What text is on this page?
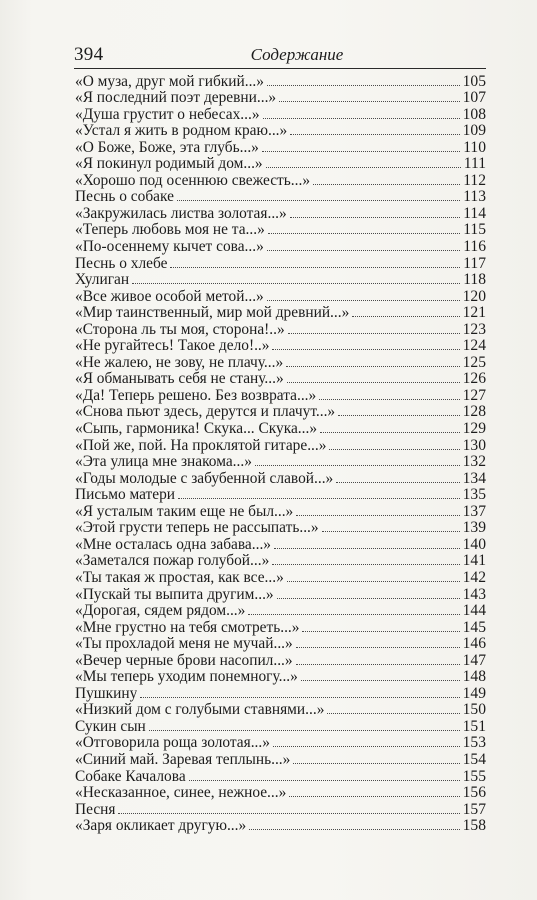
394	Содержание
«О муза, друг мой гибкий...»	105
«Я последний поэт деревни...»	107
«Душа грустит о небесах...»	108
«Устал я жить в родном краю...»	109
«О Боже, Боже, эта глубь...»	110
«Я покинул родимый дом...»	111
«Хорошо под осеннюю свежесть...»	112
Песнь о собаке	113
«Закружилась листва золотая...»	114
«Теперь любовь моя не та...»	115
«По-осеннему кычет сова...»	116
Песнь о хлебе	117
Хулиган	118
«Все живое особой метой...»	120
«Мир таинственный, мир мой древний...»	121
«Сторона ль ты моя, сторона!..»	123
«Не ругайтесь! Такое дело!..»	124
«Не жалею, не зову, не плачу...»	125
«Я обманывать себя не стану...»	126
«Да! Теперь решено. Без возврата...»	127
«Снова пьют здесь, дерутся и плачут...»	128
«Сыпь, гармоника! Скука... Скука...»	129
«Пой же, пой. На проклятой гитаре...»	130
«Эта улица мне знакома...»	132
«Годы молодые с забубенной славой...»	134
Письмо матери	135
«Я усталым таким еще не был...»	137
«Этой грусти теперь не рассыпать...»	139
«Мне осталась одна забава...»	140
«Заметался пожар голубой...»	141
«Ты такая ж простая, как все...»	142
«Пускай ты выпита другим...»	143
«Дорогая, сядем рядом...»	144
«Мне грустно на тебя смотреть...»	145
«Ты прохладой меня не мучай...»	146
«Вечер черные брови насопил...»	147
«Мы теперь уходим понемногу...»	148
Пушкину	149
«Низкий дом с голубыми ставнями...»	150
Сукин сын	151
«Отговорила роща золотая...»	153
«Синий май. Заревая теплынь...»	154
Собаке Качалова	155
«Несказанное, синее, нежное...»	156
Песня	157
«Заря окликает другую...»	158
